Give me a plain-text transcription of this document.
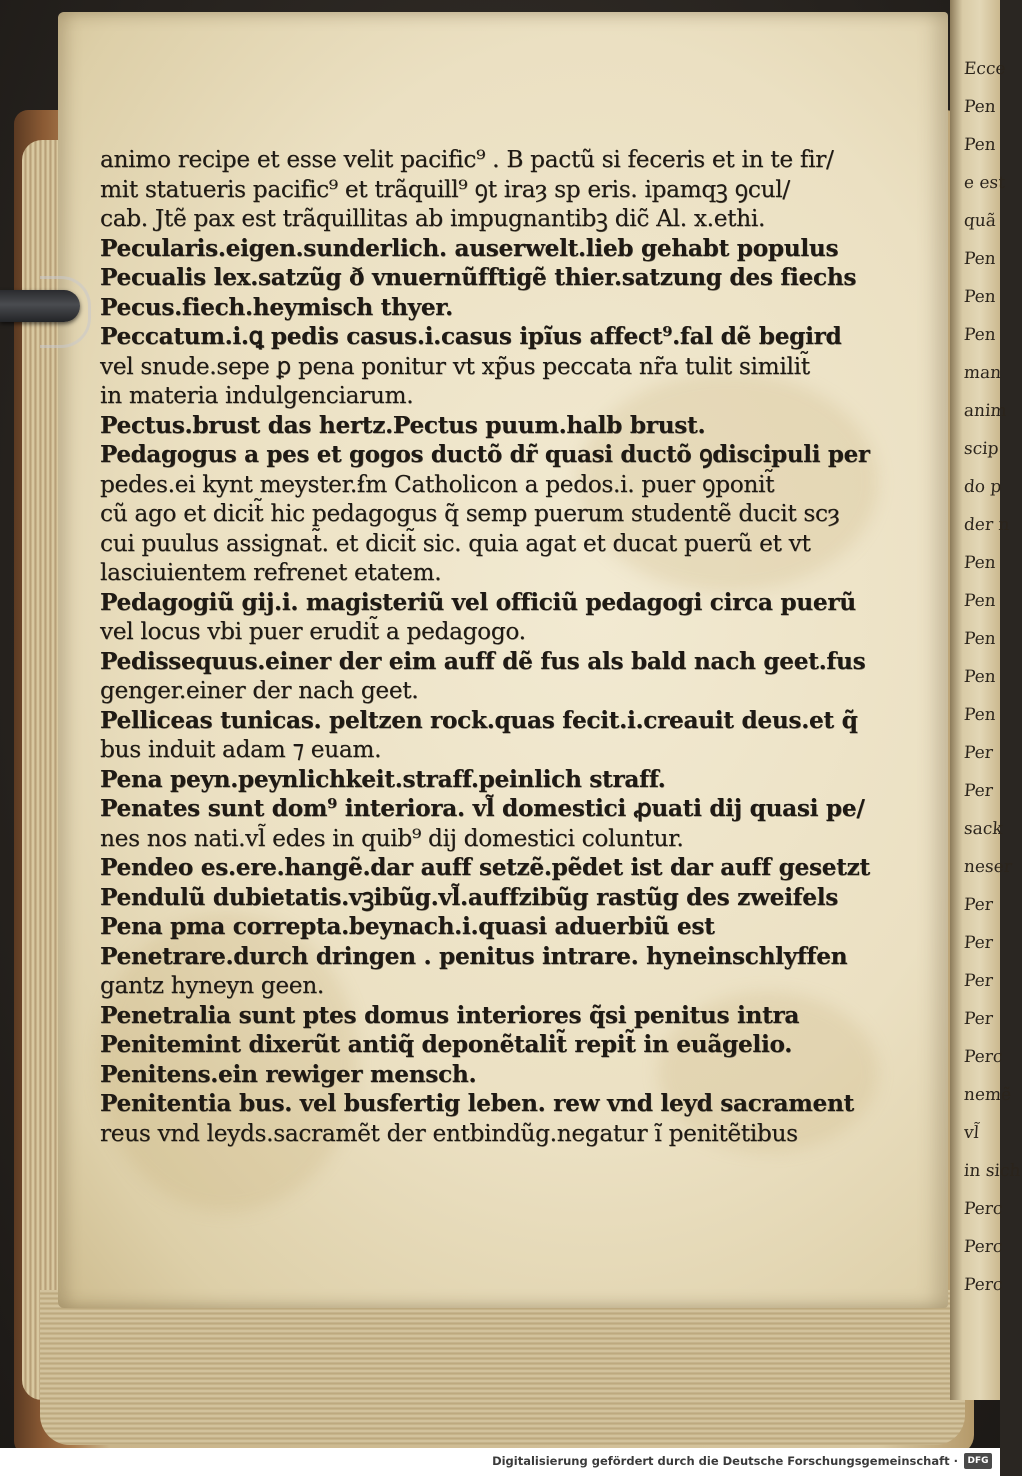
Ecce
Pen
Pen
e est
quã
Pen
Pen
Pen
man
anim
scip
do p
der n
Pen
Pen
Pen
Pen
Pen
Per
Per
sack
neser
Per
Per
Per
Per
Perc
nemẽ
vl̃
in sich
Perc
Perc
Perc
animo recipe et esse velit pacific⁹ . B pactũ si feceris et in te fir/
mit statueris pacific⁹ et trãquill⁹ ꝯt iraȝ sp eris. ipamqꝫ ꝯcul/
cab. Jtẽ pax est trãquillitas ab impugnantibꝫ dic̃ Al. x.ethi.
Pecularis.eigen.sunderlich. auserwelt.lieb gehabt populus
Pecualis lex.satzũg ð vnuernũfftigẽ thier.satzung des fiechs
Pecus.fiech.heymisch thyer.
Peccatum.i.ꝗ pedis casus.i.casus ipĩus affect⁹.fal dẽ begird
vel snude.sepe ꝑ pena ponitur vt xp̃us peccata nr̃a tulit similit̃
in materia indulgenciarum.
Pectus.brust das hertz.Pectus puum.halb brust.
Pedagogus a pes et gogos ductõ dr̃ quasi ductõ ꝯdiscipuli per
pedes.ei kynt meyster.ẜm Catholicon a pedos.i. puer ꝯponit̃
cũ ago et dicit̃ hic pedagogus q̃ semp puerum studentẽ ducit scȝ
cui puulus assignat̃. et dicit̃ sic. quia agat et ducat puerũ et vt
lasciuientem refrenet etatem.
Pedagogiũ gij.i. magisteriũ vel officiũ pedagogi circa puerũ
vel locus vbi puer erudit̃ a pedagogo.
Pedissequus.einer der eim auff dẽ fus als bald nach geet.fus
genger.einer der nach geet.
Pelliceas tunicas. peltzen rock.quas fecit.i.creauit deus.et q̃
bus induit adam ⁊ euam.
Pena peyn.peynlichkeit.straff.peinlich straff.
Penates sunt dom⁹ interiora. vl̃ domestici ꝓuati dij quasi pe/
nes nos nati.vl̃ edes in quib⁹ dij domestici coluntur.
Pendeo es.ere.hangẽ.dar auff setzẽ.pẽdet ist dar auff gesetzt
Pendulũ dubietatis.vꝫibũg.vl̃.auffzibũg rastũg des zweifels
Pena pma correpta.beynach.i.quasi aduerbiũ est
Penetrare.durch dringen . penitus intrare. hyneinschlyffen
gantz hyneyn geen.
Penetralia sunt ptes domus interiores q̃si penitus intra
Penitemint dixerũt antiq̃ deponẽtalit̃ repit̃ in euãgelio.
Penitens.ein rewiger mensch.
Penitentia bus. vel busfertig leben. rew vnd leyd sacrament
reus vnd leyds.sacramẽt der entbindũg.negatur ĩ penitẽtibus
Digitalisierung gefördert durch die Deutsche Forschungsgemeinschaft ·	DFG
